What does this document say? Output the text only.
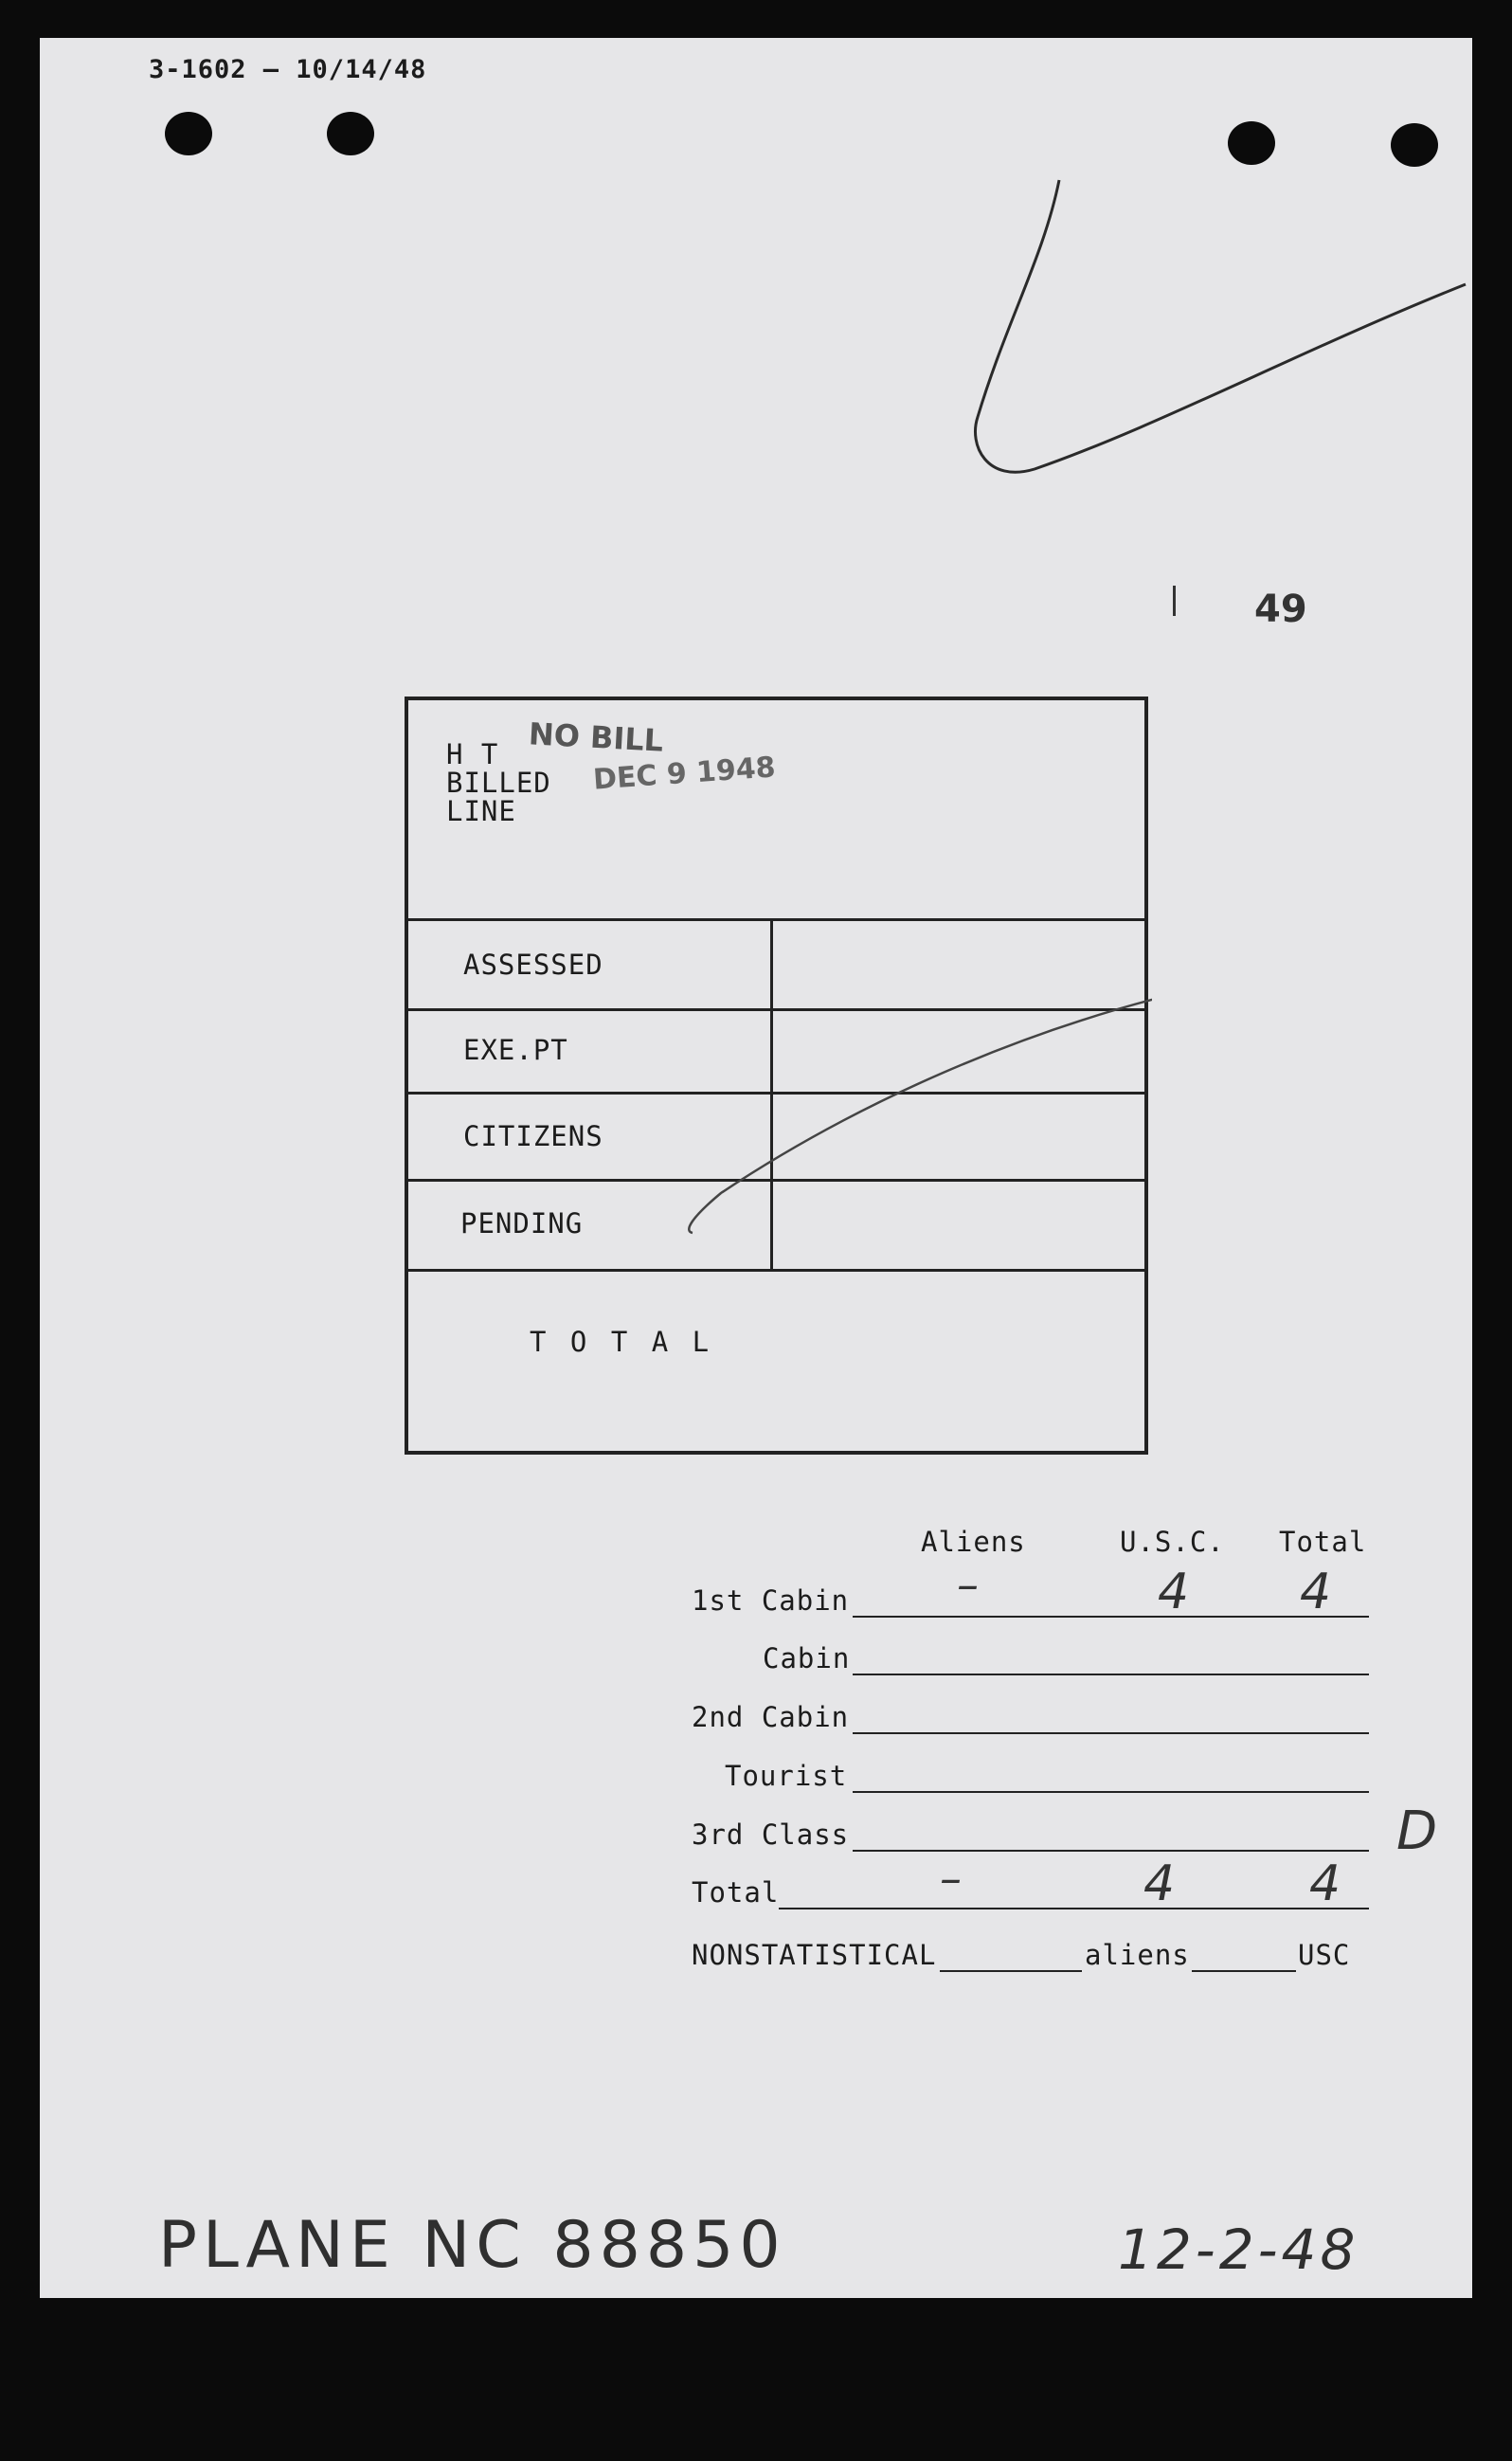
3-1602 — 10/14/48
49
H T
BILLED
LINE
NO BILL
DEC 9 1948
ASSESSED
EXE.PT
CITIZENS
PENDING
T O T A L
Aliens	U.S.C. Total
1st Cabin –	4 4
Cabin
2nd Cabin
Tourist
3rd Class	D
Total	–	4	4
NONSTATISTICAL	aliens	USC
PLANE NC 88850	12-2-48
